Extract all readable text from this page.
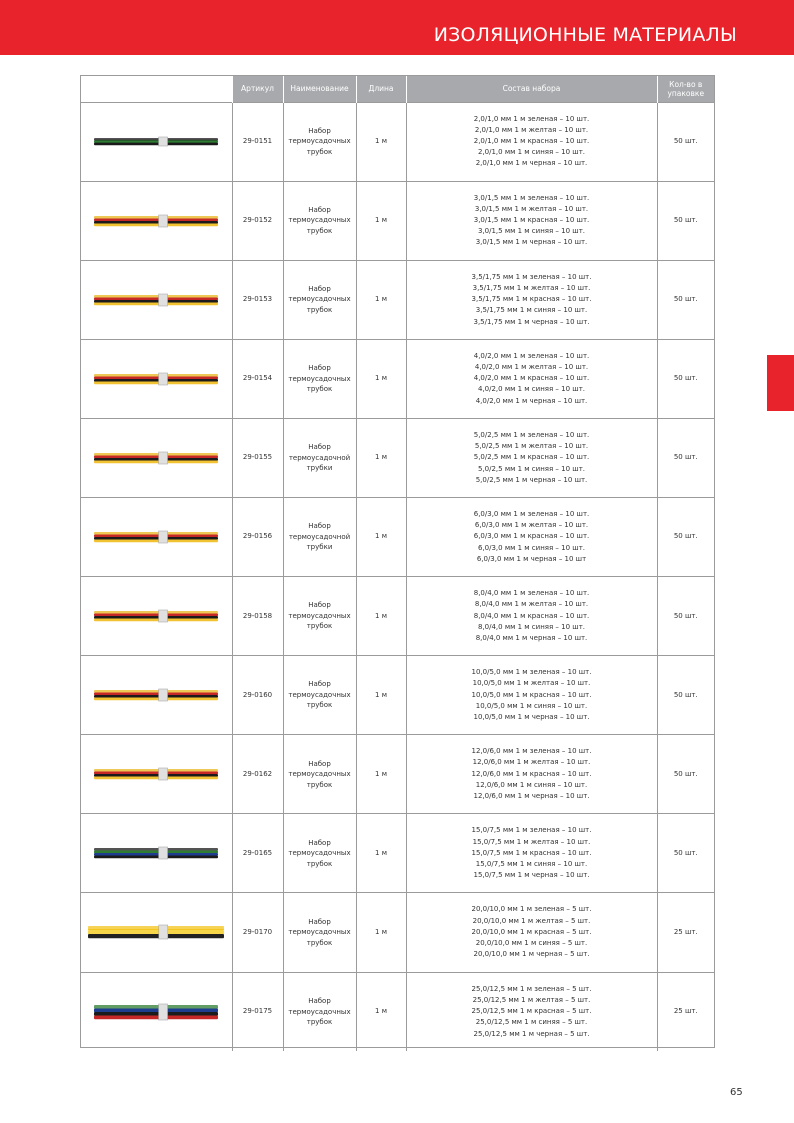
ИЗОЛЯЦИОННЫЕ МАТЕРИАЛЫ
	Артикул	Наименование	Длина	Состав набора	Кол-во в упаковке

	29-0151	Набор термоусадочных трубок	1 м	2,0/1,0 мм 1 м зеленая – 10 шт.
2,0/1,0 мм 1 м желтая – 10 шт.
2,0/1,0 мм 1 м красная – 10 шт.
2,0/1,0 мм 1 м синяя – 10 шт.
2,0/1,0 мм 1 м черная – 10 шт.	50 шт.

	29-0152	Набор термоусадочных трубок	1 м	3,0/1,5 мм 1 м зеленая – 10 шт.
3,0/1,5 мм 1 м желтая – 10 шт.
3,0/1,5 мм 1 м красная – 10 шт.
3,0/1,5 мм 1 м синяя – 10 шт.
3,0/1,5 мм 1 м черная – 10 шт.	50 шт.

	29-0153	Набор термоусадочных трубок	1 м	3,5/1,75 мм 1 м зеленая – 10 шт.
3,5/1,75 мм 1 м желтая – 10 шт.
3,5/1,75 мм 1 м красная – 10 шт.
3,5/1,75 мм 1 м синяя – 10 шт.
3,5/1,75 мм 1 м черная – 10 шт.	50 шт.

	29-0154	Набор термоусадочных трубок	1 м	4,0/2,0 мм 1 м зеленая – 10 шт.
4,0/2,0 мм 1 м желтая – 10 шт.
4,0/2,0 мм 1 м красная – 10 шт.
4,0/2,0 мм 1 м синяя – 10 шт.
4,0/2,0 мм 1 м черная – 10 шт.	50 шт.

	29-0155	Набор термоусадочной трубки	1 м	5,0/2,5 мм 1 м зеленая – 10 шт.
5,0/2,5 мм 1 м желтая – 10 шт.
5,0/2,5 мм 1 м красная – 10 шт.
5,0/2,5 мм 1 м синяя – 10 шт.
5,0/2,5 мм 1 м черная – 10 шт.	50 шт.

	29-0156	Набор термоусадочной трубки	1 м	6,0/3,0 мм 1 м зеленая – 10 шт.
6,0/3,0 мм 1 м желтая – 10 шт.
6,0/3,0 мм 1 м красная – 10 шт.
6,0/3,0 мм 1 м синяя – 10 шт.
6,0/3,0 мм 1 м черная – 10 шт	50 шт.

	29-0158	Набор термоусадочных трубок	1 м	8,0/4,0 мм 1 м зеленая – 10 шт.
8,0/4,0 мм 1 м желтая – 10 шт.
8,0/4,0 мм 1 м красная – 10 шт.
8,0/4,0 мм 1 м синяя – 10 шт.
8,0/4,0 мм 1 м черная – 10 шт.	50 шт.

	29-0160	Набор термоусадочных трубок	1 м	10,0/5,0 мм 1 м зеленая – 10 шт.
10,0/5,0 мм 1 м желтая – 10 шт.
10,0/5,0 мм 1 м красная – 10 шт.
10,0/5,0 мм 1 м синяя – 10 шт.
10,0/5,0 мм 1 м черная – 10 шт.	50 шт.

	29-0162	Набор термоусадочных трубок	1 м	12,0/6,0 мм 1 м зеленая – 10 шт.
12,0/6,0 мм 1 м желтая – 10 шт.
12,0/6,0 мм 1 м красная – 10 шт.
12,0/6,0 мм 1 м синяя – 10 шт.
12,0/6,0 мм 1 м черная – 10 шт.	50 шт.

	29-0165	Набор термоусадочных трубок	1 м	15,0/7,5 мм 1 м зеленая – 10 шт.
15,0/7,5 мм 1 м желтая – 10 шт.
15,0/7,5 мм 1 м красная – 10 шт.
15,0/7,5 мм 1 м синяя – 10 шт.
15,0/7,5 мм 1 м черная – 10 шт.	50 шт.

	29-0170	Набор термоусадочных трубок	1 м	20,0/10,0 мм 1 м зеленая – 5 шт.
20,0/10,0 мм 1 м желтая – 5 шт.
20,0/10,0 мм 1 м красная – 5 шт.
20,0/10,0 мм 1 м синяя – 5 шт.
20,0/10,0 мм 1 м черная – 5 шт.	25 шт.

	29-0175	Набор термоусадочных трубок	1 м	25,0/12,5 мм 1 м зеленая – 5 шт.
25,0/12,5 мм 1 м желтая – 5 шт.
25,0/12,5 мм 1 м красная – 5 шт.
25,0/12,5 мм 1 м синяя – 5 шт.
25,0/12,5 мм 1 м черная – 5 шт.	25 шт.
65
